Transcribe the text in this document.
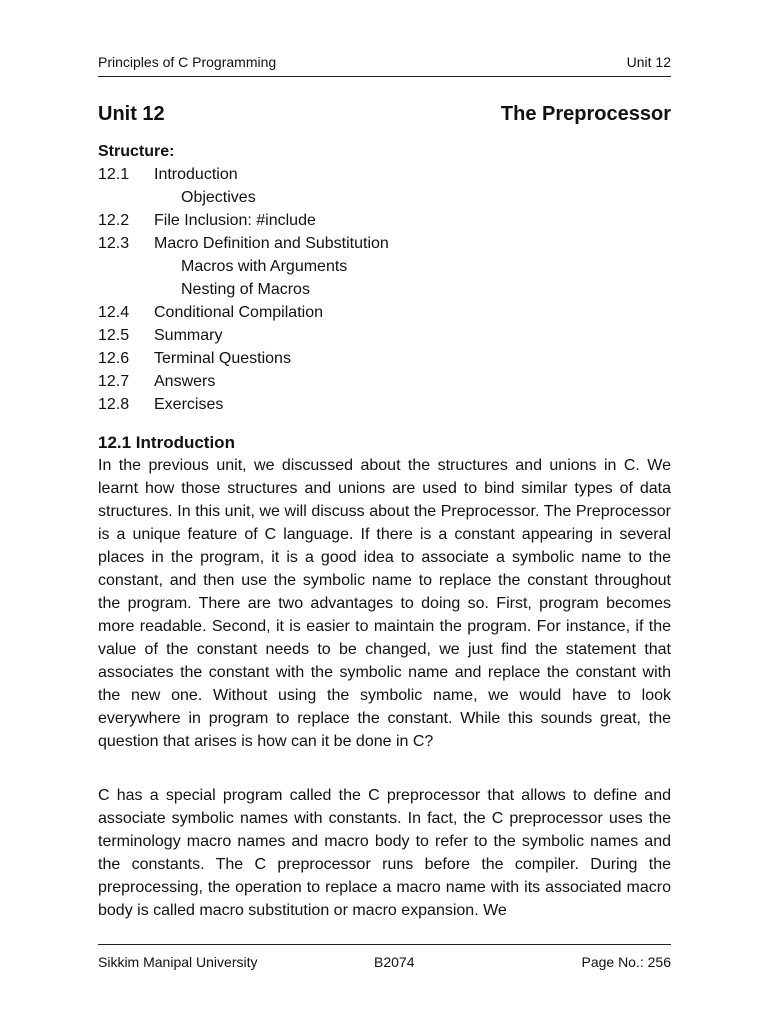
Principles of C Programming	Unit 12
Unit 12	The Preprocessor
Structure:
12.1 Introduction
Objectives
12.2 File Inclusion: #include
12.3 Macro Definition and Substitution
Macros with Arguments
Nesting of Macros
12.4 Conditional Compilation
12.5 Summary
12.6 Terminal Questions
12.7 Answers
12.8 Exercises
12.1 Introduction

In the previous unit, we discussed about the structures and unions in C. We learnt how those structures and unions are used to bind similar types of data structures. In this unit, we will discuss about the Preprocessor. The Preprocessor is a unique feature of C language. If there is a constant appearing in several places in the program, it is a good idea to associate a symbolic name to the constant, and then use the symbolic name to replace the constant throughout the program. There are two advantages to doing so. First, program becomes more readable. Second, it is easier to maintain the program. For instance, if the value of the constant needs to be changed, we just find the statement that associates the constant with the symbolic name and replace the constant with the new one. Without using the symbolic name, we would have to look everywhere in program to replace the constant. While this sounds great, the question that arises is how can it be done in C?

C has a special program called the C preprocessor that allows to define and associate symbolic names with constants. In fact, the C preprocessor uses the terminology macro names and macro body to refer to the symbolic names and the constants. The C preprocessor runs before the compiler. During the preprocessing, the operation to replace a macro name with its associated macro body is called macro substitution or macro expansion. We

Sikkim Manipal University	B2074	Page No.: 256
